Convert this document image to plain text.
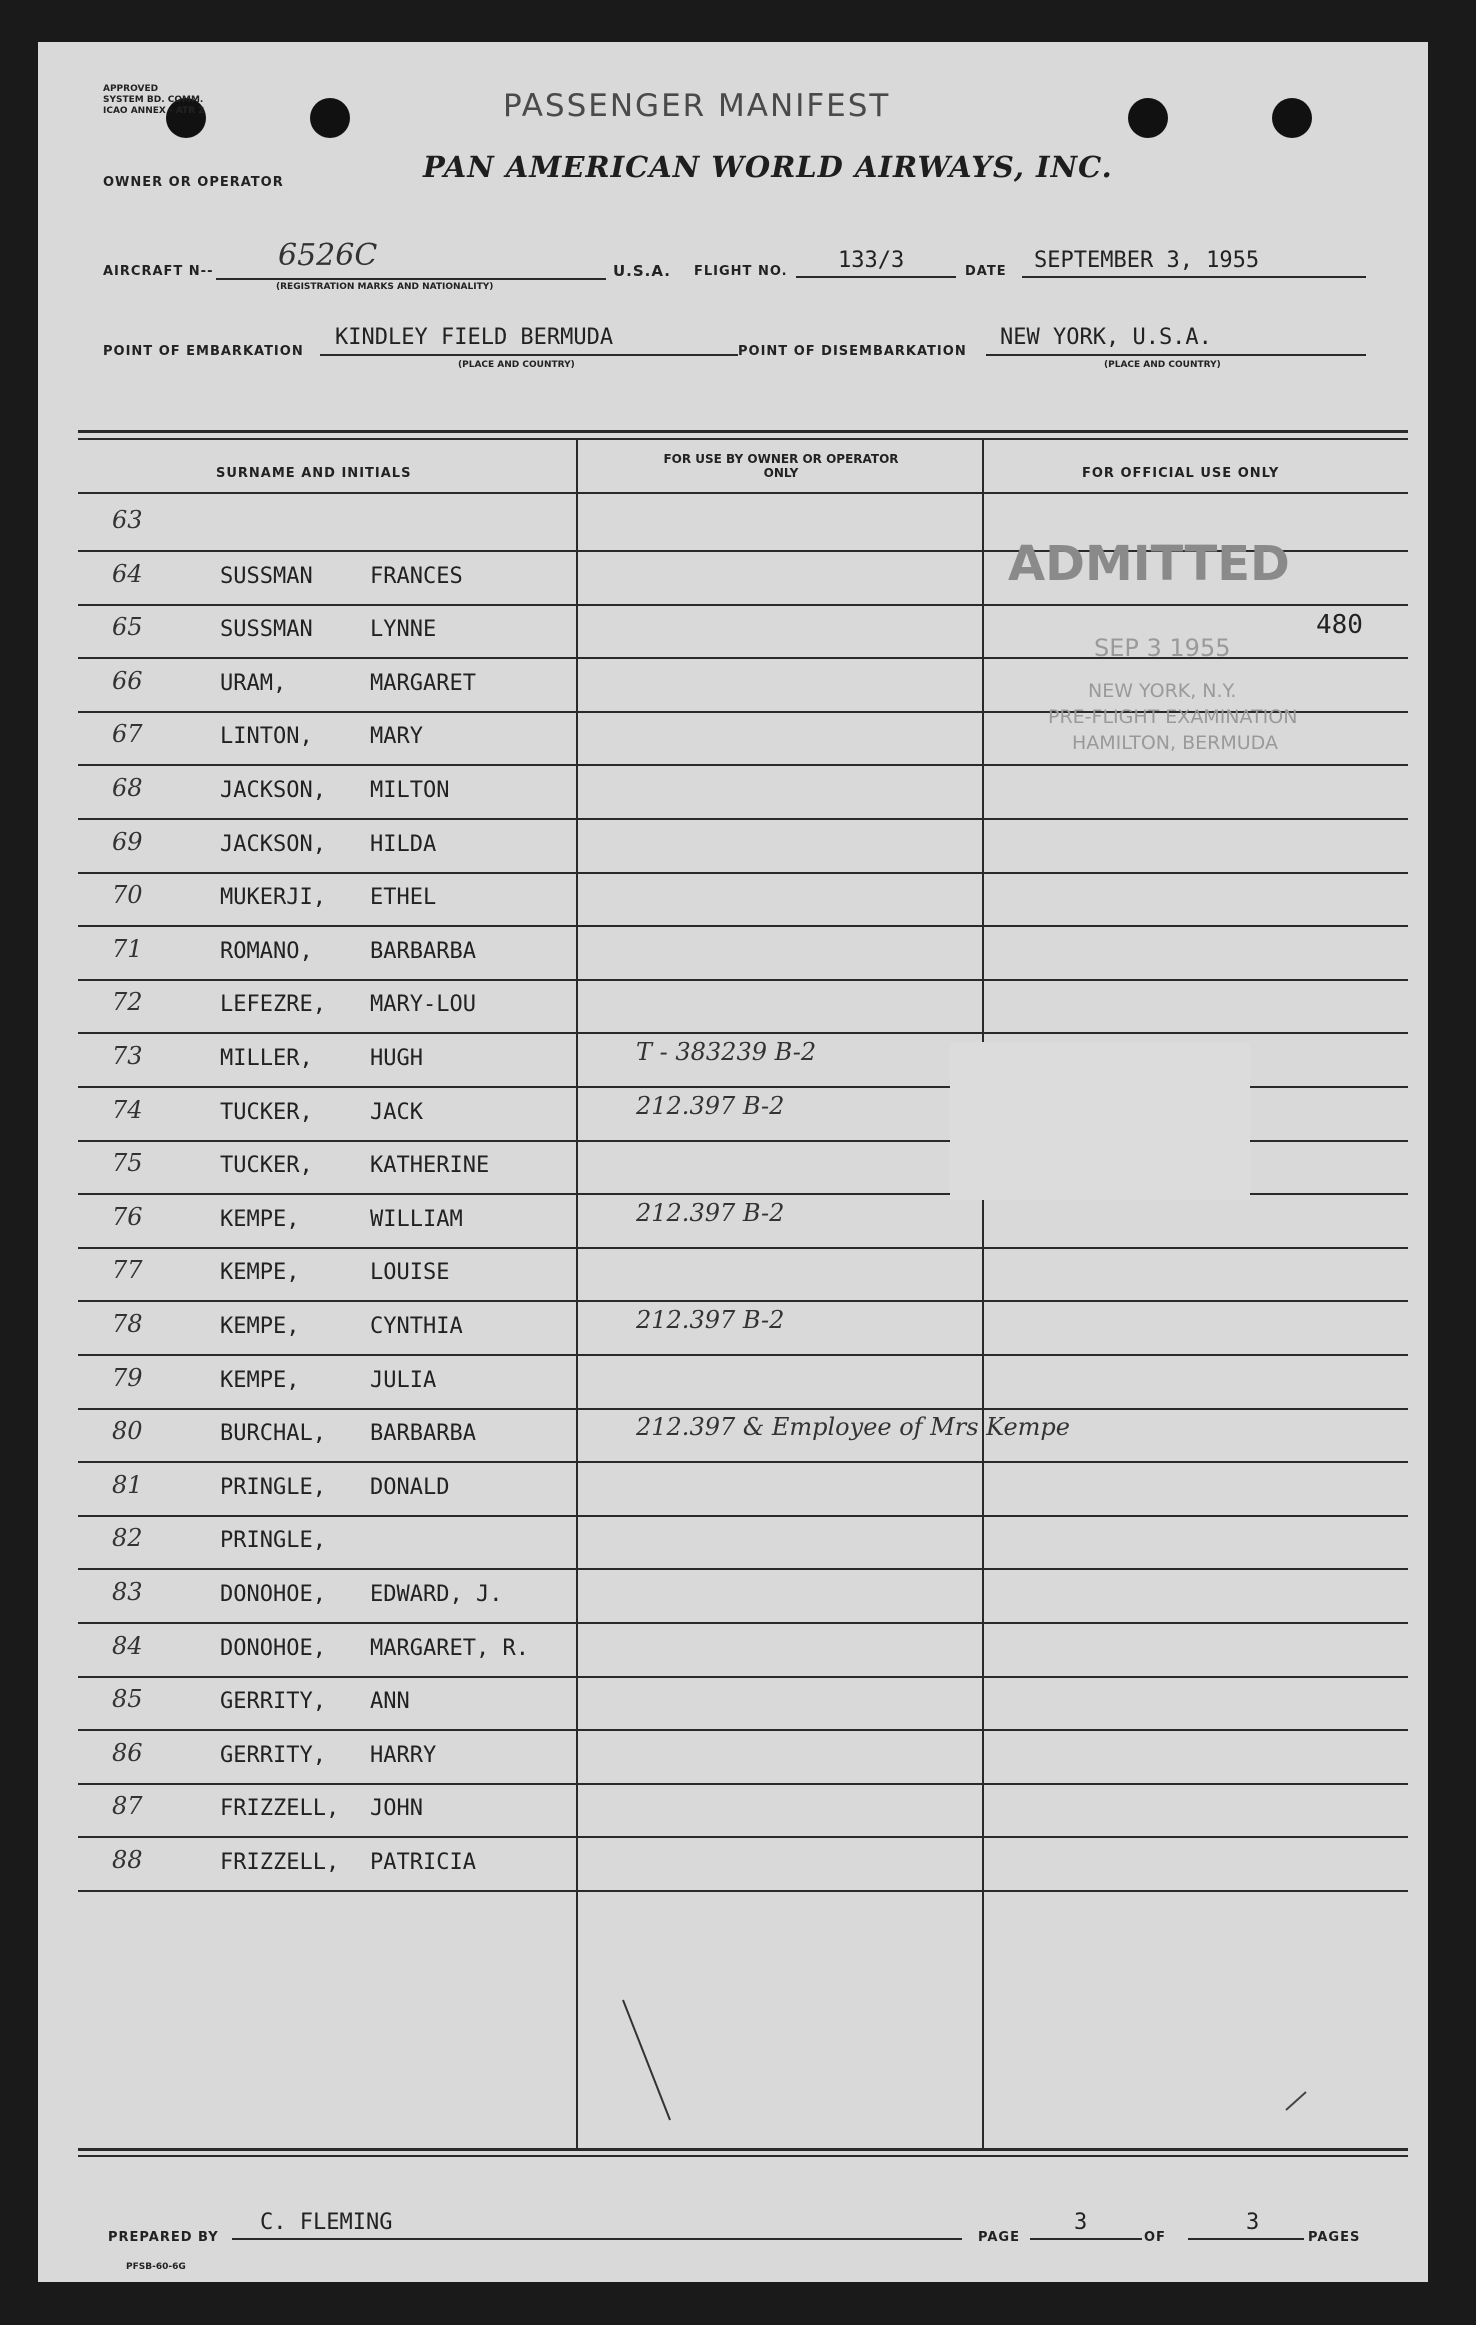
APPROVED
SYSTEM BD. COMM.
ICAO ANNEX - ATR 2	PASSENGER MANIFEST
OWNER OR OPERATOR	PAN AMERICAN WORLD AIRWAYS, INC.
AIRCRAFT N-- 6526C
(REGISTRATION MARKS AND NATIONALITY)
U.S.A. FLIGHT NO. 133/3	DATE SEPTEMBER 3, 1955
POINT OF EMBARKATION
KINDLEY FIELD BERMUDA
(PLACE AND COUNTRY)
POINT OF DISEMBARKATION
NEW YORK, U.S.A.
(PLACE AND COUNTRY)
SURNAME AND INITIALS
FOR USE BY OWNER OR OPERATOR ONLY	FOR OFFICIAL USE ONLY
63
64	SUSSMAN	FRANCES
65	SUSSMAN	LYNNE
66	URAM,	MARGARET
67	LINTON,	MARY
68	JACKSON, MILTON
69	JACKSON, HILDA
70	MUKERJI, ETHEL
71	ROMANO,	BARBARBA
72	LEFEZRE, MARY-LOU
73	MILLER,	HUGH	T - 383239 B-2
74	TUCKER,	JACK	212.397 B-2
75	TUCKER,	KATHERINE
76	KEMPE,	WILLIAM	212.397 B-2
77	KEMPE,	LOUISE
78	KEMPE,	CYNTHIA	212.397 B-2
79	KEMPE,	JULIA
80	BURCHAL, BARBARBA	212.397 & Employee of Mrs Kempe
81	PRINGLE, DONALD
82	PRINGLE,
83	DONOHOE, EDWARD, J.
84	DONOHOE, MARGARET, R.
85	GERRITY, ANN
86	GERRITY, HARRY
87	FRIZZELL, JOHN
88	FRIZZELL, PATRICIA
ADMITTED
SEP 3 1955
NEW YORK, N.Y.
PRE-FLIGHT EXAMINATION
HAMILTON, BERMUDA
480
PREPARED BY
C. FLEMING
PAGE
3
OF
3
PAGES
PFSB-60-6G
